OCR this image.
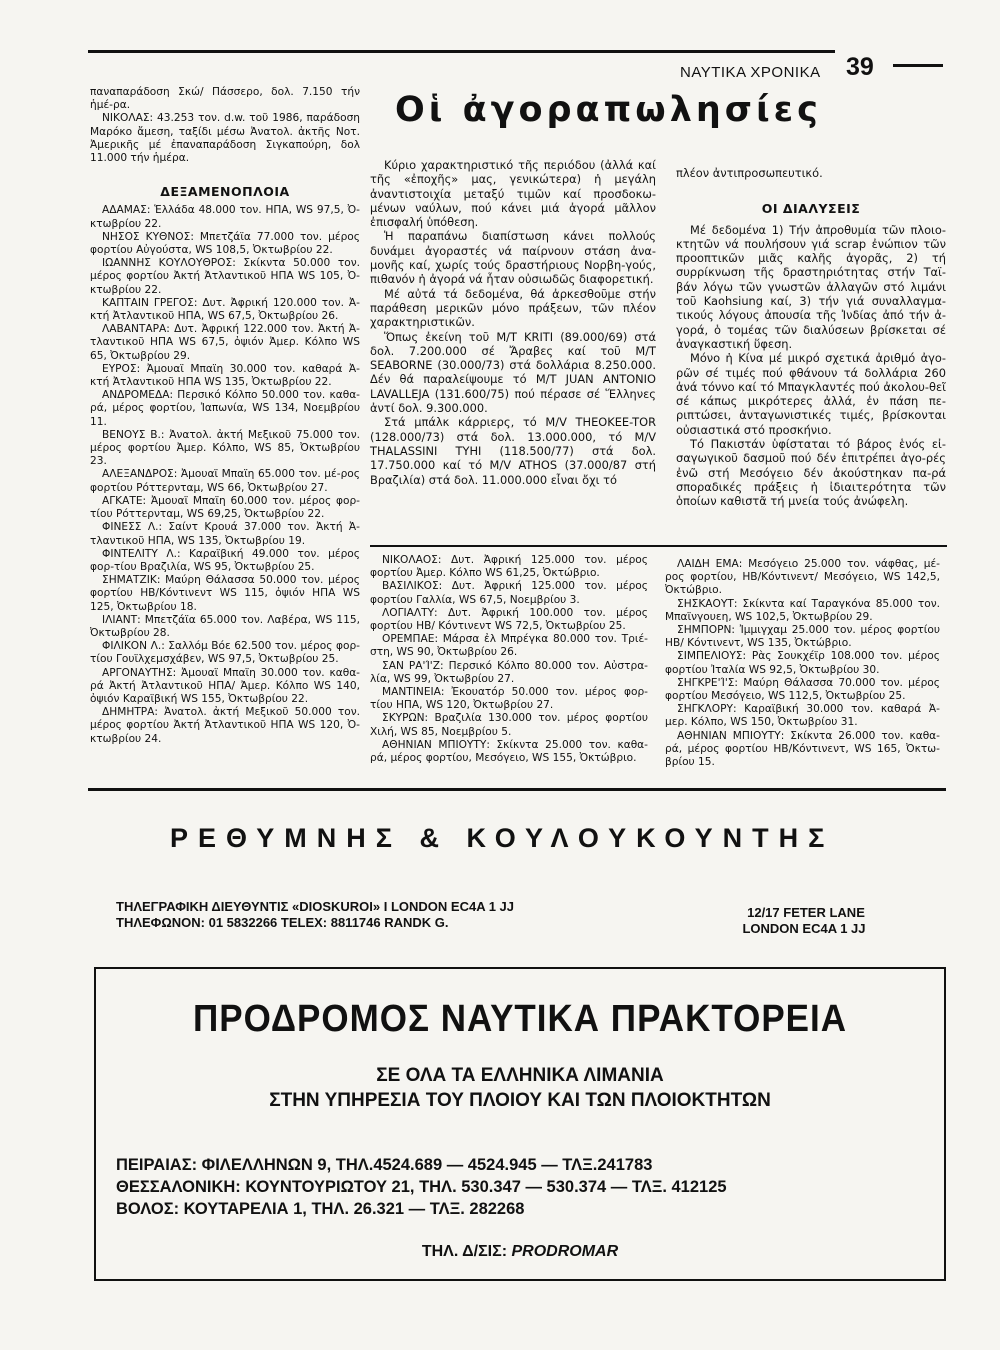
ΝΑΥΤΙΚΑ ΧΡΟΝΙΚΑ 39
Οἱ ἀγοραπωλησίες

παναπαράδοση Σκώ/ Πάσσερο, δολ. 7.150 τήν ἡμέ-ρα.

ΝΙΚΟΛΑΣ: 43.253 τον. d.w. τοῦ 1986, παράδοση Μαρόκο ἄμεση, ταξίδι μέσω Ἀνατολ. ἀκτῆς Νοτ. Ἀμερικῆς μέ ἐπαναπαράδοση Σιγκαπούρη, δολ 11.000 τήν ἡμέρα.

ΔΕΞΑΜΕΝΟΠΛΟΙΑ

ΑΔΑΜΑΣ: Ἑλλάδα 48.000 τον. ΗΠΑ, WS 97,5, Ὀ-κτωβρίου 22.

ΝΗΣΟΣ ΚΥΘΝΟΣ: Μπετζάϊα 77.000 τον. μέρος φορτίου Αὐγούστα, WS 108,5, Ὀκτωβρίου 22.

ΙΩΑΝΝΗΣ ΚΟΥΛΟΥΘΡΟΣ: Σκίκντα 50.000 τον. μέρος φορτίου Ἀκτή Ἀτλαντικοῦ ΗΠΑ WS 105, Ὀ-κτωβρίου 22.

ΚΑΠΤΑΙΝ ΓΡΕΓΟΣ: Δυτ. Ἀφρική 120.000 τον. Ἀ-κτή Ἀτλαντικοῦ ΗΠΑ, WS 67,5, Ὀκτωβρίου 26.

ΛΑΒΑΝΤΑΡΑ: Δυτ. Ἀφρική 122.000 τον. Ἀκτή Ἀ-τλαντικοῦ ΗΠΑ WS 67,5, ὀψιόν Ἀμερ. Κόλπο WS 65, Ὀκτωβρίου 29.

ΕΥΡΟΣ: Ἀμουαϊ Μπαϊη 30.000 τον. καθαρά Ἀ-κτή Ἀτλαντικοῦ ΗΠΑ WS 135, Ὀκτωβρίου 22.

ΑΝΔΡΟΜΕΔΑ: Περσικό Κόλπο 50.000 τον. καθα-ρά, μέρος φορτίου, Ἰαπωνία, WS 134, Νοεμβρίου 11.

ΒΕΝΟΥΣ Β.: Ἀνατολ. ἀκτή Μεξικοῦ 75.000 τον. μέρος φορτίου Ἀμερ. Κόλπο, WS 85, Ὀκτωβρίου 23.

ΑΛΕΞΑΝΔΡΟΣ: Ἀμουαϊ Μπαϊη 65.000 τον. μέ-ρος φορτίου Ρόττερνταμ, WS 66, Ὀκτωβρίου 27.

ΑΓΚΑΤΕ: Ἀμουαϊ Μπαϊη 60.000 τον. μέρος φορ-τίου Ρόττερνταμ, WS 69,25, Ὀκτωβρίου 22.

ΦΙΝΕΣΣ Λ.: Σαίντ Κρουά 37.000 τον. Ἀκτή Ἀ-τλαντικοῦ ΗΠΑ, WS 135, Ὀκτωβρίου 19.

ΦΙΝΤΕΛΙΤΥ Λ.: Καραϊβική 49.000 τον. μέρος φορ-τίου Βραζιλία, WS 95, Ὀκτωβρίου 25.

ΣΗΜΑΤΖΙΚ: Μαύρη Θάλασσα 50.000 τον. μέρος φορτίου ΗΒ/Κόντινεντ WS 115, ὀψιόν ΗΠΑ WS 125, Ὀκτωβρίου 18.

ΙΛΙΑΝΤ: Μπετζάϊα 65.000 τον. Λαβέρα, WS 115, Ὀκτωβρίου 28.

ΦΙΛΙΚΟΝ Λ.: Σαλλόμ Βόε 62.500 τον. μέρος φορ-τίου Γουϊλχεμσχάβεν, WS 97,5, Ὀκτωβρίου 25.

ΑΡΓΟΝΑΥΤΗΣ: Ἀμουαϊ Μπαϊη 30.000 τον. καθα-ρά Ἀκτή Ἀτλαντικοῦ ΗΠΑ/ Ἀμερ. Κόλπο WS 140, ὀψιόν Καραϊβική WS 155, Ὀκτωβρίου 22.

ΔΗΜΗΤΡΑ: Ἀνατολ. ἀκτή Μεξικοῦ 50.000 τον. μέρος φορτίου Ἀκτή Ἀτλαντικοῦ ΗΠΑ WS 120, Ὀ-κτωβρίου 24.

Κύριο χαρακτηριστικό τῆς περιόδου (ἀλλά καί τῆς «ἐποχῆς» μας, γενικώτερα) ἡ μεγάλη ἀναντιστοιχία μεταξύ τιμῶν καί προσδοκω-μένων ναύλων, πού κάνει μιά ἀγορά μᾶλλον ἐπισφαλή ὑπόθεση.

Ἡ παραπάνω διαπίστωση κάνει πολλούς δυνάμει ἀγοραστές νά παίρνουν στάση ἀνα-μονῆς καί, χωρίς τούς δραστήριους Νορβη-γούς, πιθανόν ἡ ἀγορά νά ἦταν οὐσιωδῶς διαφορετική.

Μέ αὐτά τά δεδομένα, θά ἀρκεσθοῦμε στήν παράθεση μερικῶν μόνο πράξεων, τῶν πλέον χαρακτηριστικῶν.

Ὅπως ἐκείνη τοῦ M/T KRITI (89.000/69) στά δολ. 7.200.000 σέ Ἄραβες καί τοῦ M/T SEABORNE (30.000/73) στά δολλάρια 8.250.000. Δέν θά παραλείψουμε τό M/T JUAN ANTONIO LAVALLEJA (131.600/75) πού πέρασε σέ Ἕλληνες ἀντί δολ. 9.300.000.

Στά μπάλκ κάρριερς, τό M/V THEOKEE-TOR (128.000/73) στά δολ. 13.000.000, τό M/V THALASSINI TYHI (118.500/77) στά δολ. 17.750.000 καί τό M/V ATHOS (37.000/87 στή Βραζιλία) στά δολ. 11.000.000 εἶναι ὄχι τό

πλέον ἀντιπροσωπευτικό.

ΟΙ ΔΙΑΛΥΣΕΙΣ

Μέ δεδομένα 1) Τήν ἀπροθυμία τῶν πλοιο-κτητῶν νά πουλήσουν γιά scrap ἐνώπιον τῶν προοπτικῶν μιᾶς καλῆς ἀγορᾶς, 2) τή συρρίκνωση τῆς δραστηριότητας στήν Ταϊ-βάν λόγω τῶν γνωστῶν ἀλλαγῶν στό λιμάνι τοῦ Kaohsiung καί, 3) τήν γιά συναλλαγμα-τικούς λόγους ἀπουσία τῆς Ἰνδίας ἀπό τήν ἀ-γορά, ὁ τομέας τῶν διαλύσεων βρίσκεται σέ ἀναγκαστική ὕφεση.

Μόνο ἡ Κίνα μέ μικρό σχετικά ἀριθμό ἀγο-ρῶν σέ τιμές πού φθάνουν τά δολλάρια 260 ἀνά τόννο καί τό Μπαγκλαντές πού ἀκολου-θεῖ σέ κάπως μικρότερες ἀλλά, ἐν πάση πε-ριπτώσει, ἀνταγωνιστικές τιμές, βρίσκονται οὐσιαστικά στό προσκήνιο.

Τό Πακιστάν ὑφίσταται τό βάρος ἑνός εἰ-σαγωγικοῦ δασμοῦ πού δέν ἐπιτρέπει ἀγο-ρές ἐνῶ στή Μεσόγειο δέν ἀκούστηκαν πα-ρά σποραδικές πράξεις ἡ ἰδιαιτερότητα τῶν ὁποίων καθιστᾶ τή μνεία τούς ἀνώφελη.

ΝΙΚΟΛΑΟΣ: Δυτ. Ἀφρική 125.000 τον. μέρος φορτίου Ἀμερ. Κόλπο WS 61,25, Ὀκτώβριο.

ΒΑΣΙΛΙΚΟΣ: Δυτ. Ἀφρική 125.000 τον. μέρος φορτίου Γαλλία, WS 67,5, Νοεμβρίου 3.

ΛΟΓΙΑΛΤΥ: Δυτ. Ἀφρική 100.000 τον. μέρος φορτίου ΗΒ/ Κόντινεντ WS 72,5, Ὀκτωβρίου 25.

ΟΡΕΜΠΑΕ: Μάρσα ἐλ Μπρέγκα 80.000 τον. Τριέ-στη, WS 90, Ὀκτωβρίου 26.

ΣΑΝ ΡΑ'Ί'Ζ: Περσικό Κόλπο 80.000 τον. Αὐστρα-λία, WS 99, Ὀκτωβρίου 27.

ΜΑΝΤΙΝΕΙΑ: Ἐκουατόρ 50.000 τον. μέρος φορ-τίου ΗΠΑ, WS 120, Ὀκτωβρίου 27.

ΣΚΥΡΩΝ: Βραζιλία 130.000 τον. μέρος φορτίου Χιλή, WS 85, Νοεμβρίου 5.

ΑΘΗΝΙΑΝ ΜΠΙΟΥΤΥ: Σκίκντα 25.000 τον. καθα-ρά, μέρος φορτίου, Μεσόγειο, WS 155, Ὀκτώβριο.

ΛΑΙΔΗ ΕΜΑ: Μεσόγειο 25.000 τον. νάφθας, μέ-ρος φορτίου, ΗΒ/Κόντινεντ/ Μεσόγειο, WS 142,5, Ὀκτώβριο.

ΣΗΣΚΑΟΥΤ: Σκίκντα καί Ταραγκόνα 85.000 τον. Μπαϊνγουεη, WS 102,5, Ὀκτωβρίου 29.

ΣΗΜΠΟΡΝ: Ἰμμιγχαμ 25.000 τον. μέρος φορτίου ΗΒ/ Κόντινεντ, WS 135, Ὀκτώβριο.

ΣΙΜΠΕΛΙΟΥΣ: Ρὰς Σουκχέϊρ 108.000 τον. μέρος φορτίου Ἰταλία WS 92,5, Ὀκτωβρίου 30.

ΣΗΓΚΡΕ'Ί'Σ: Μαύρη Θάλασσα 70.000 τον. μέρος φορτίου Μεσόγειο, WS 112,5, Ὀκτωβρίου 25.

ΣΗΓΚΛΟΡΥ: Καραϊβική 30.000 τον. καθαρά Ἀ-μερ. Κόλπο, WS 150, Ὀκτωβρίου 31.

ΑΘΗΝΙΑΝ ΜΠΙΟΥΤΥ: Σκίκντα 26.000 τον. καθα-ρά, μέρος φορτίου ΗΒ/Κόντινεντ, WS 165, Ὀκτω-βρίου 15.

ΡΕΘΥΜΝΗΣ & ΚΟΥΛΟΥΚΟΥΝΤΗΣ
ΤΗΛΕΓΡΑΦΙΚΗ ΔΙΕΥΘΥΝΤΙΣ «DIOSKUROI» I LONDON EC4A 1 JJ
ΤΗΛΕΦΩΝΟΝ: 01 5832266 TELEX: 8811746 RANDK G.
12/17 FETER LANE
LONDON EC4A 1 JJ
ΠΡΟΔΡΟΜΟΣ ΝΑΥΤΙΚΑ ΠΡΑΚΤΟΡΕΙΑ
ΣΕ ΟΛΑ ΤΑ ΕΛΛΗΝΙΚΑ ΛΙΜΑΝΙΑ
ΣΤΗΝ ΥΠΗΡΕΣΙΑ ΤΟΥ ΠΛΟΙΟΥ ΚΑΙ ΤΩΝ ΠΛΟΙΟΚΤΗΤΩΝ
ΠΕΙΡΑΙΑΣ: ΦΙΛΕΛΛΗΝΩΝ 9, ΤΗΛ.4524.689 — 4524.945 — ΤΛΞ.241783
ΘΕΣΣΑΛΟΝΙΚΗ: ΚΟΥΝΤΟΥΡΙΩΤΟΥ 21, ΤΗΛ. 530.347 — 530.374 — ΤΛΞ. 412125
ΒΟΛΟΣ: ΚΟΥΤΑΡΕΛΙΑ 1, ΤΗΛ. 26.321 — ΤΛΞ. 282268
ΤΗΛ. Δ/ΣΙΣ: PRODROMAR
